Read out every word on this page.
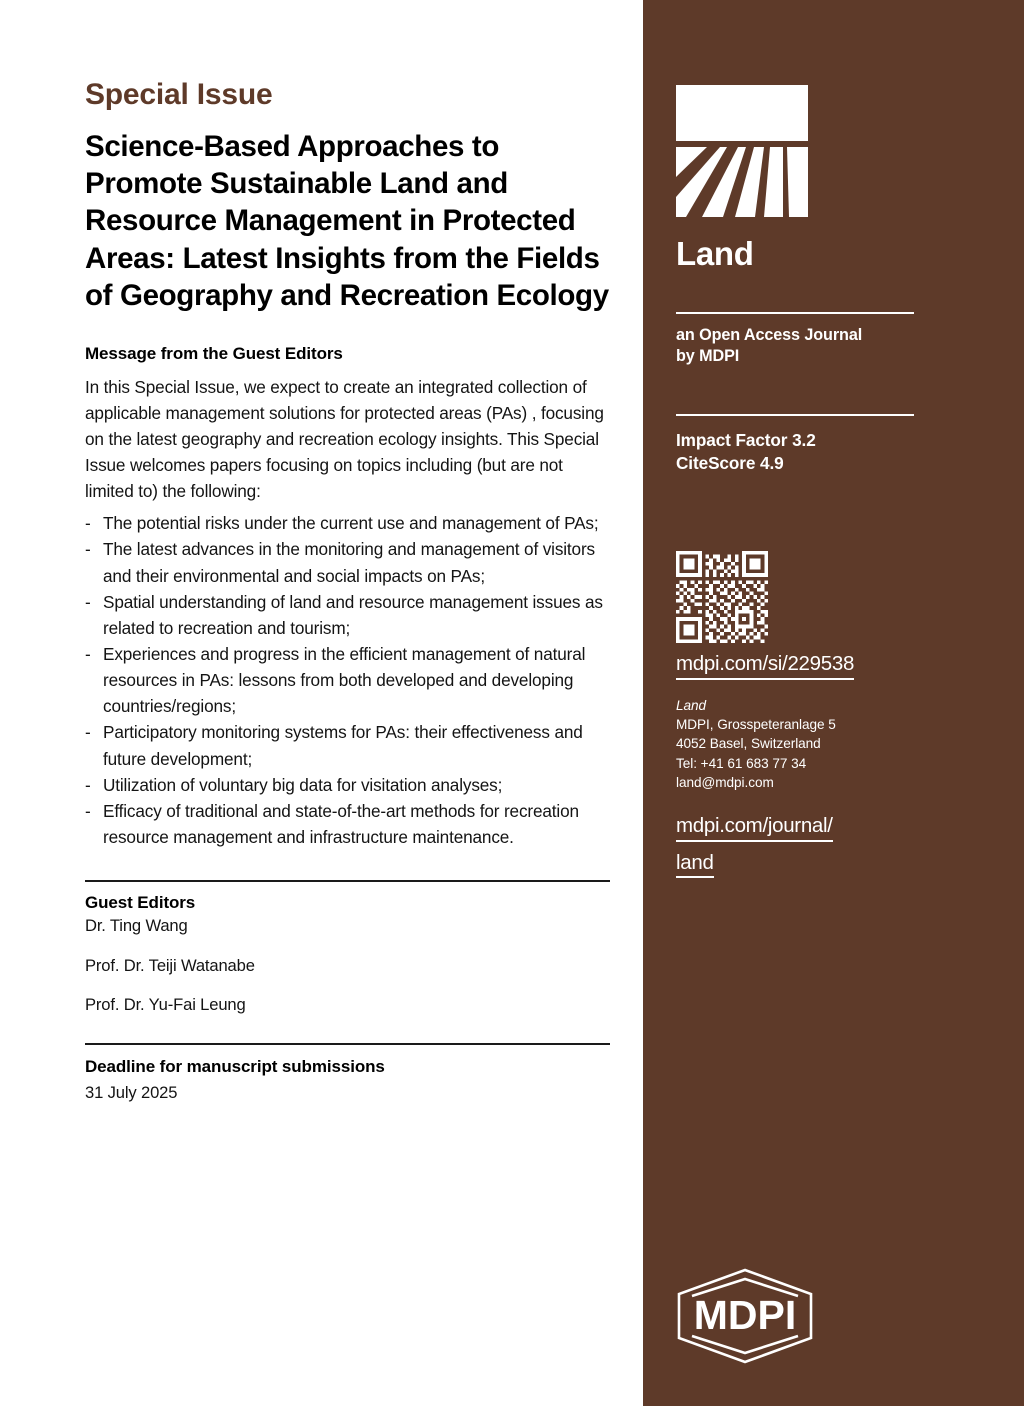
Special Issue

Science-Based Approaches to Promote Sustainable Land and Resource Management in Protected Areas: Latest Insights from the Fields of Geography and Recreation Ecology
Message from the Guest Editors

In this Special Issue, we expect to create an integrated collection of applicable management solutions for protected areas (PAs) , focusing on the latest geography and recreation ecology insights. This Special Issue welcomes papers focusing on topics including (but are not limited to) the following:

- The potential risks under the current use and management of PAs;
- The latest advances in the monitoring and management of visitors and their environmental and social impacts on PAs;
- Spatial understanding of land and resource management issues as related to recreation and tourism;
- Experiences and progress in the efficient management of natural resources in PAs: lessons from both developed and developing countries/regions;
- Participatory monitoring systems for PAs: their effectiveness and future development;
- Utilization of voluntary big data for visitation analyses;
- Efficacy of traditional and state-of-the-art methods for recreation resource management and infrastructure maintenance.

Guest Editors

Dr. Ting Wang

Prof. Dr. Teiji Watanabe

Prof. Dr. Yu-Fai Leung

Deadline for manuscript submissions

31 July 2025

Land

an Open Access Journal
by MDPI

Impact Factor 3.2
CiteScore 4.9

mdpi.com/si/229538
Land
MDPI, Grosspeteranlage 5
4052 Basel, Switzerland
Tel: +41 61 683 77 34
land@mdpi.com
mdpi.com/journal/
land
MDPI
